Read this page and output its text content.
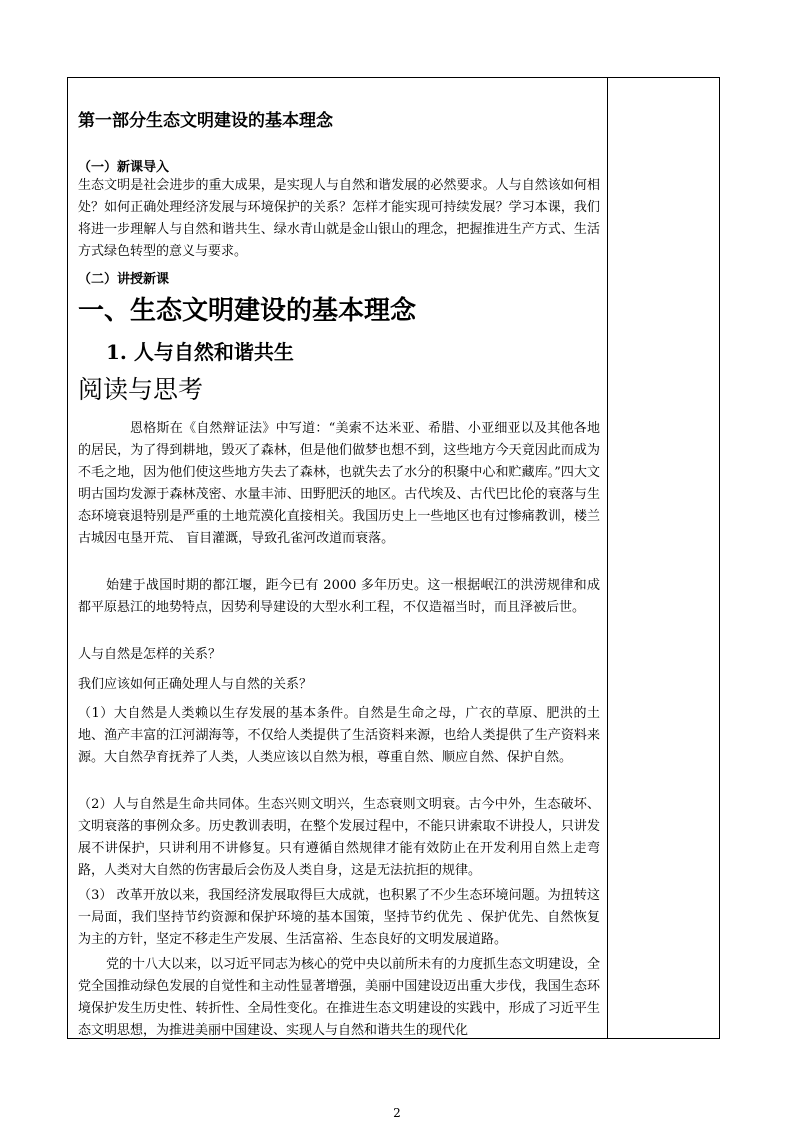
第一部分生态文明建设的基本理念

（一）新课导入

生态文明是社会进步的重大成果，是实现人与自然和谐发展的必然要求。人与自然该如何相处？如何正确处理经济发展与环境保护的关系？怎样才能实现可持续发展？学习本课，我们将进一步理解人与自然和谐共生、绿水青山就是金山银山的理念，把握推进生产方式、生活方式绿色转型的意义与要求。

（二）讲授新课

一、生态文明建设的基本理念

1. 人与自然和谐共生

阅读与思考

恩格斯在《自然辩证法》中写道：“美索不达米亚、希腊、小亚细亚以及其他各地的居民，为了得到耕地，毁灭了森林，但是他们做梦也想不到，这些地方今天竟因此而成为不毛之地，因为他们使这些地方失去了森林，也就失去了水分的积聚中心和贮藏库。”四大文明古国均发源于森林茂密、水量丰沛、田野肥沃的地区。古代埃及、古代巴比伦的衰落与生态环境衰退特别是严重的土地荒漠化直接相关。我国历史上一些地区也有过惨痛教训，楼兰古城因屯垦开荒、 盲目灌溉，导致孔雀河改道而衰落。

始建于战国时期的都江堰，距今已有 2000 多年历史。这一根据岷江的洪涝规律和成都平原悬江的地势特点，因势利导建设的大型水利工程，不仅造福当时，而且泽被后世。

人与自然是怎样的关系？

我们应该如何正确处理人与自然的关系？

（1）大自然是人类赖以生存发展的基本条件。自然是生命之母，广衣的草原、肥洪的土地、渔产丰富的江河湖海等，不仅给人类提供了生活资料来源，也给人类提供了生产资料来源。大自然孕育抚养了人类，人类应该以自然为根，尊重自然、顺应自然、保护自然。

（2）人与自然是生命共同体。生态兴则文明兴，生态衰则文明衰。古今中外，生态破坏、文明衰落的事例众多。历史教训表明，在整个发展过程中，不能只讲索取不讲投人，只讲发展不讲保护，只讲利用不讲修复。只有遵循自然规律才能有效防止在开发利用自然上走弯路，人类对大自然的伤害最后会伤及人类自身，这是无法抗拒的规律。

（3） 改革开放以来，我国经济发展取得巨大成就，也积累了不少生态环境问题。为扭转这一局面，我们坚持节约资源和保护环境的基本国策，坚持节约优先 、保护优先、自然恢复为主的方针，坚定不移走生产发展、生活富裕、生态良好的文明发展道路。

党的十八大以来，以习近平同志为核心的党中央以前所未有的力度抓生态文明建设，全党全国推动绿色发展的自觉性和主动性显著增强，美丽中国建设迈出重大步伐，我国生态环境保护发生历史性、转折性、全局性变化。在推进生态文明建设的实践中，形成了习近平生态文明思想，为推进美丽中国建设、实现人与自然和谐共生的现代化

2
